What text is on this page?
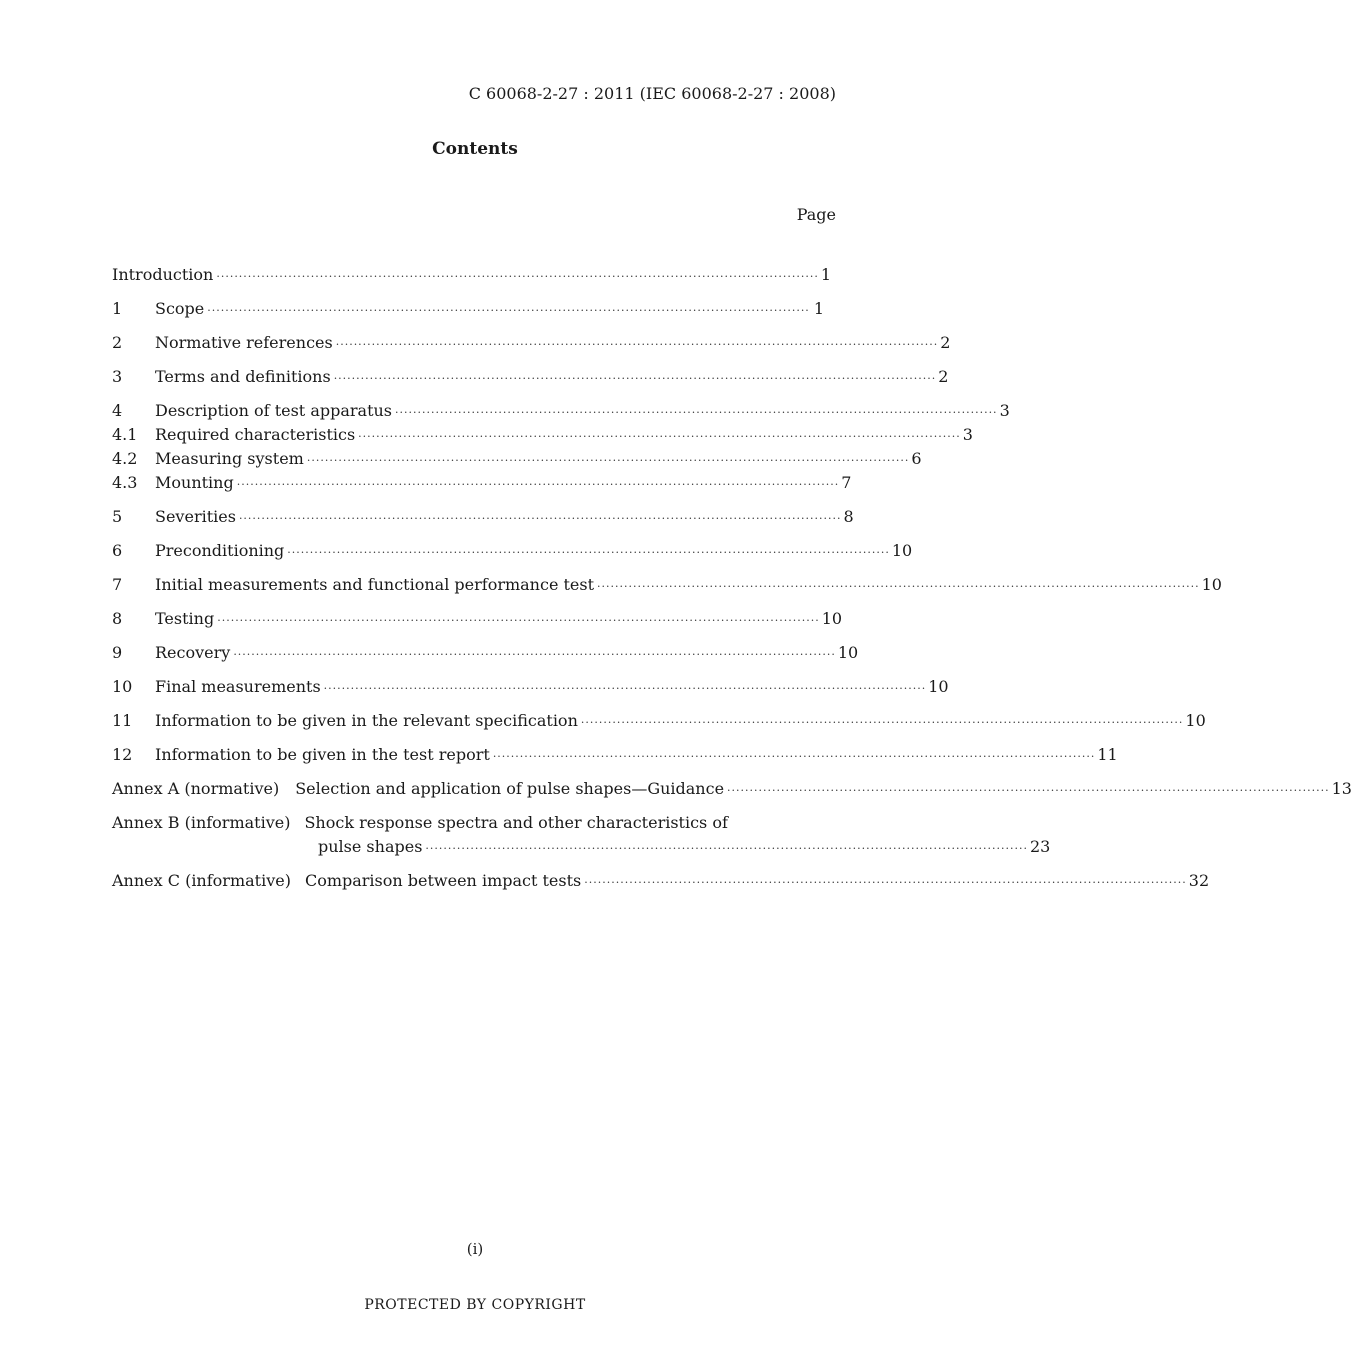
C 60068-2-27 : 2011 (IEC 60068-2-27 : 2008)
Contents
Page
Introduction ······································································································································ 1
1	Scope ······································································································································ 1
2	Normative references ······································································································································ 2
3	Terms and definitions ······································································································································ 2
4	Description of test apparatus ······································································································································ 3
4.1	Required characteristics ······································································································································ 3
4.2	Measuring system ······································································································································ 6
4.3	Mounting ······································································································································ 7
5	Severities ······································································································································ 8
6	Preconditioning ······································································································································ 10
7	Initial measurements and functional performance test ······································································································································ 10
8	Testing ······································································································································ 10
9	Recovery ······································································································································ 10
10	Final measurements ······································································································································ 10
11	Information to be given in the relevant specification ······································································································································ 10
12	Information to be given in the test report ······································································································································ 11
Annex A (normative) Selection and application of pulse shapes—Guidance ······································································································································ 13
Annex B (informative) Shock response spectra and other characteristics of
pulse shapes ······································································································································ 23
Annex C (informative) Comparison between impact tests ······································································································································ 32
(i)
PROTECTED BY COPYRIGHT
